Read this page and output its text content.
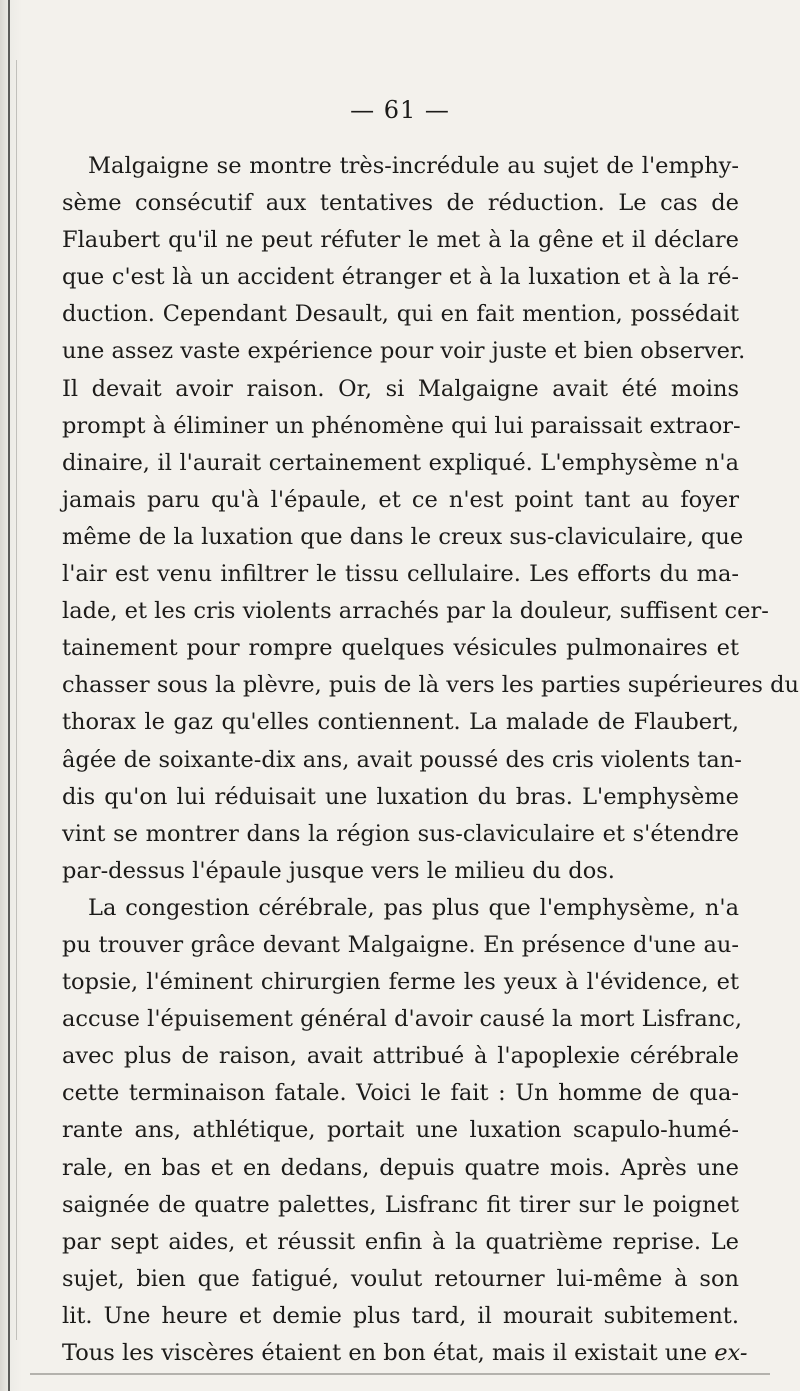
— 61 —

Malgaigne se montre très-incrédule au sujet de l'emphy-
sème consécutif aux tentatives de réduction. Le cas de
Flaubert qu'il ne peut réfuter le met à la gêne et il déclare
que c'est là un accident étranger et à la luxation et à la ré-
duction. Cependant Desault, qui en fait mention, possédait
une assez vaste expérience pour voir juste et bien observer.
Il devait avoir raison. Or, si Malgaigne avait été moins
prompt à éliminer un phénomène qui lui paraissait extraor-
dinaire, il l'aurait certainement expliqué. L'emphysème n'a
jamais paru qu'à l'épaule, et ce n'est point tant au foyer
même de la luxation que dans le creux sus-claviculaire, que
l'air est venu infiltrer le tissu cellulaire. Les efforts du ma-
lade, et les cris violents arrachés par la douleur, suffisent cer-
tainement pour rompre quelques vésicules pulmonaires et
chasser sous la plèvre, puis de là vers les parties supérieures du
thorax le gaz qu'elles contiennent. La malade de Flaubert,
âgée de soixante-dix ans, avait poussé des cris violents tan-
dis qu'on lui réduisait une luxation du bras. L'emphysème
vint se montrer dans la région sus-claviculaire et s'étendre
par-dessus l'épaule jusque vers le milieu du dos.
La congestion cérébrale, pas plus que l'emphysème, n'a
pu trouver grâce devant Malgaigne. En présence d'une au-
topsie, l'éminent chirurgien ferme les yeux à l'évidence, et
accuse l'épuisement général d'avoir causé la mort Lisfranc,
avec plus de raison, avait attribué à l'apoplexie cérébrale
cette terminaison fatale. Voici le fait : Un homme de qua-
rante ans, athlétique, portait une luxation scapulo-humé-
rale, en bas et en dedans, depuis quatre mois. Après une
saignée de quatre palettes, Lisfranc fit tirer sur le poignet
par sept aides, et réussit enfin à la quatrième reprise. Le
sujet, bien que fatigué, voulut retourner lui-même à son
lit. Une heure et demie plus tard, il mourait subitement.
Tous les viscères étaient en bon état, mais il existait une ex-
